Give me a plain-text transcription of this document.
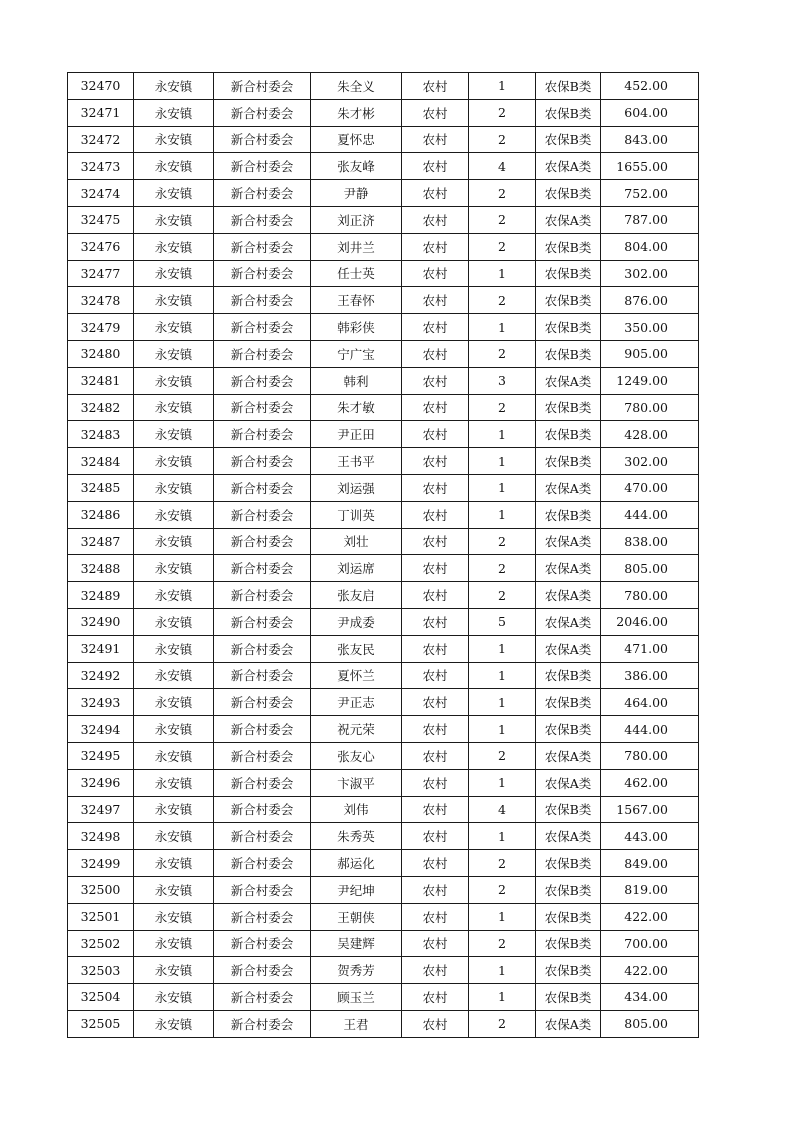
32470	永安镇	新合村委会	朱全义	农村	1	农保B类	452.00
32471	永安镇	新合村委会	朱才彬	农村	2	农保B类	604.00
32472	永安镇	新合村委会	夏怀忠	农村	2	农保B类	843.00
32473	永安镇	新合村委会	张友峰	农村	4	农保A类	1655.00
32474	永安镇	新合村委会	尹静	农村	2	农保B类	752.00
32475	永安镇	新合村委会	刘正济	农村	2	农保A类	787.00
32476	永安镇	新合村委会	刘井兰	农村	2	农保B类	804.00
32477	永安镇	新合村委会	任士英	农村	1	农保B类	302.00
32478	永安镇	新合村委会	王春怀	农村	2	农保B类	876.00
32479	永安镇	新合村委会	韩彩侠	农村	1	农保B类	350.00
32480	永安镇	新合村委会	宁广宝	农村	2	农保B类	905.00
32481	永安镇	新合村委会	韩利	农村	3	农保A类	1249.00
32482	永安镇	新合村委会	朱才敏	农村	2	农保B类	780.00
32483	永安镇	新合村委会	尹正田	农村	1	农保B类	428.00
32484	永安镇	新合村委会	王书平	农村	1	农保B类	302.00
32485	永安镇	新合村委会	刘运强	农村	1	农保A类	470.00
32486	永安镇	新合村委会	丁训英	农村	1	农保B类	444.00
32487	永安镇	新合村委会	刘壮	农村	2	农保A类	838.00
32488	永安镇	新合村委会	刘运席	农村	2	农保A类	805.00
32489	永安镇	新合村委会	张友启	农村	2	农保A类	780.00
32490	永安镇	新合村委会	尹成委	农村	5	农保A类	2046.00
32491	永安镇	新合村委会	张友民	农村	1	农保A类	471.00
32492	永安镇	新合村委会	夏怀兰	农村	1	农保B类	386.00
32493	永安镇	新合村委会	尹正志	农村	1	农保B类	464.00
32494	永安镇	新合村委会	祝元荣	农村	1	农保B类	444.00
32495	永安镇	新合村委会	张友心	农村	2	农保A类	780.00
32496	永安镇	新合村委会	卞淑平	农村	1	农保A类	462.00
32497	永安镇	新合村委会	刘伟	农村	4	农保B类	1567.00
32498	永安镇	新合村委会	朱秀英	农村	1	农保A类	443.00
32499	永安镇	新合村委会	郝运化	农村	2	农保B类	849.00
32500	永安镇	新合村委会	尹纪坤	农村	2	农保B类	819.00
32501	永安镇	新合村委会	王朝侠	农村	1	农保B类	422.00
32502	永安镇	新合村委会	吴建辉	农村	2	农保B类	700.00
32503	永安镇	新合村委会	贺秀芳	农村	1	农保B类	422.00
32504	永安镇	新合村委会	顾玉兰	农村	1	农保B类	434.00
32505	永安镇	新合村委会	王君	农村	2	农保A类	805.00
